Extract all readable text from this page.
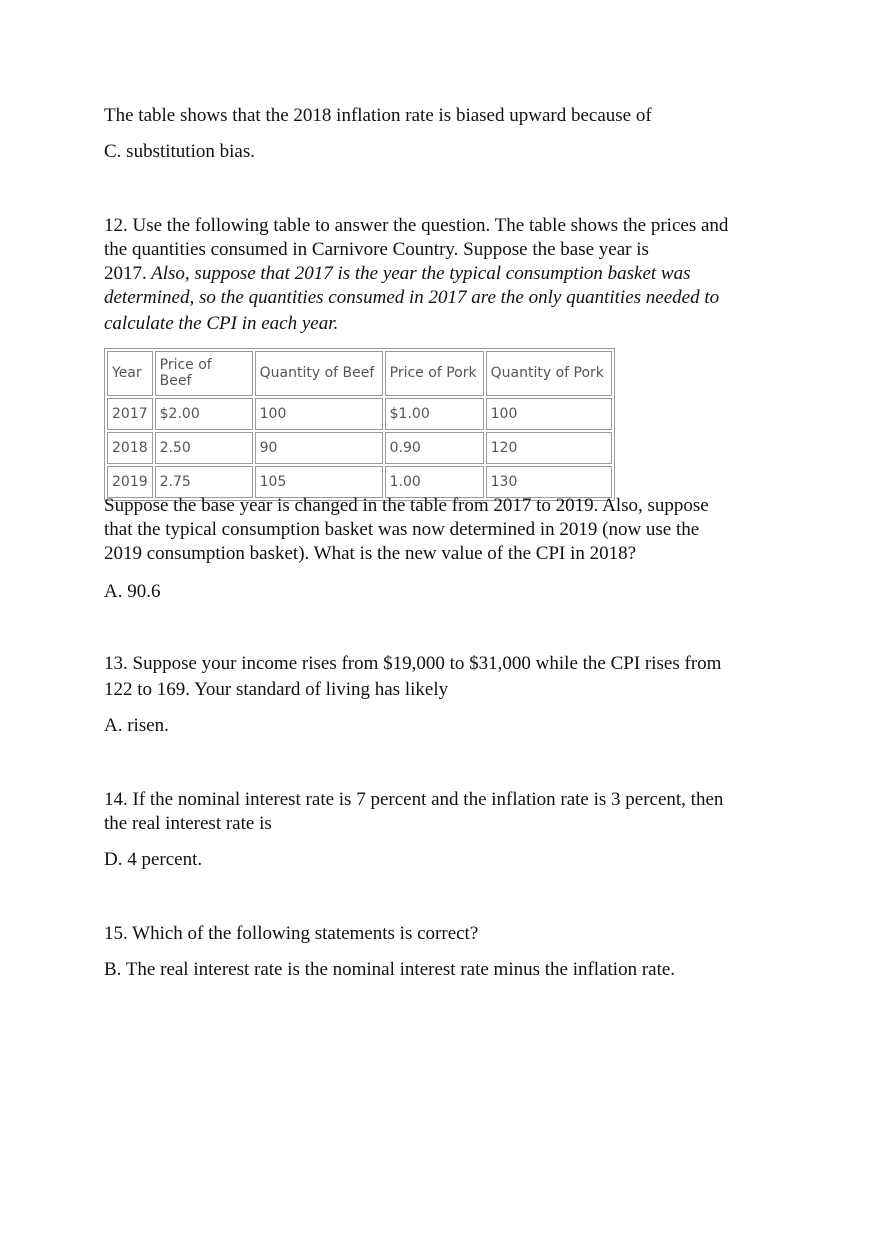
The table shows that the 2018 inflation rate is biased upward because of

C. substitution bias.

12. Use the following table to answer the question. The table shows the prices and
the quantities consumed in Carnivore Country. Suppose the base year is
2017. Also, suppose that 2017 is the year the typical consumption basket was
determined, so the quantities consumed in 2017 are the only quantities needed to
calculate the CPI in each year.
Year	Price of Beef	Quantity of Beef	Price of Pork	Quantity of Pork
2017	$2.00	100	$1.00	100
2018	2.50	90	0.90	120
2019	2.75	105	1.00	130
Suppose the base year is changed in the table from 2017 to 2019. Also, suppose
that the typical consumption basket was now determined in 2019 (now use the
2019 consumption basket). What is the new value of the CPI in 2018?

A. 90.6

13. Suppose your income rises from $19,000 to $31,000 while the CPI rises from
122 to 169. Your standard of living has likely

A. risen.

14. If the nominal interest rate is 7 percent and the inflation rate is 3 percent, then
the real interest rate is

D. 4 percent.

15. Which of the following statements is correct?

B. The real interest rate is the nominal interest rate minus the inflation rate.
